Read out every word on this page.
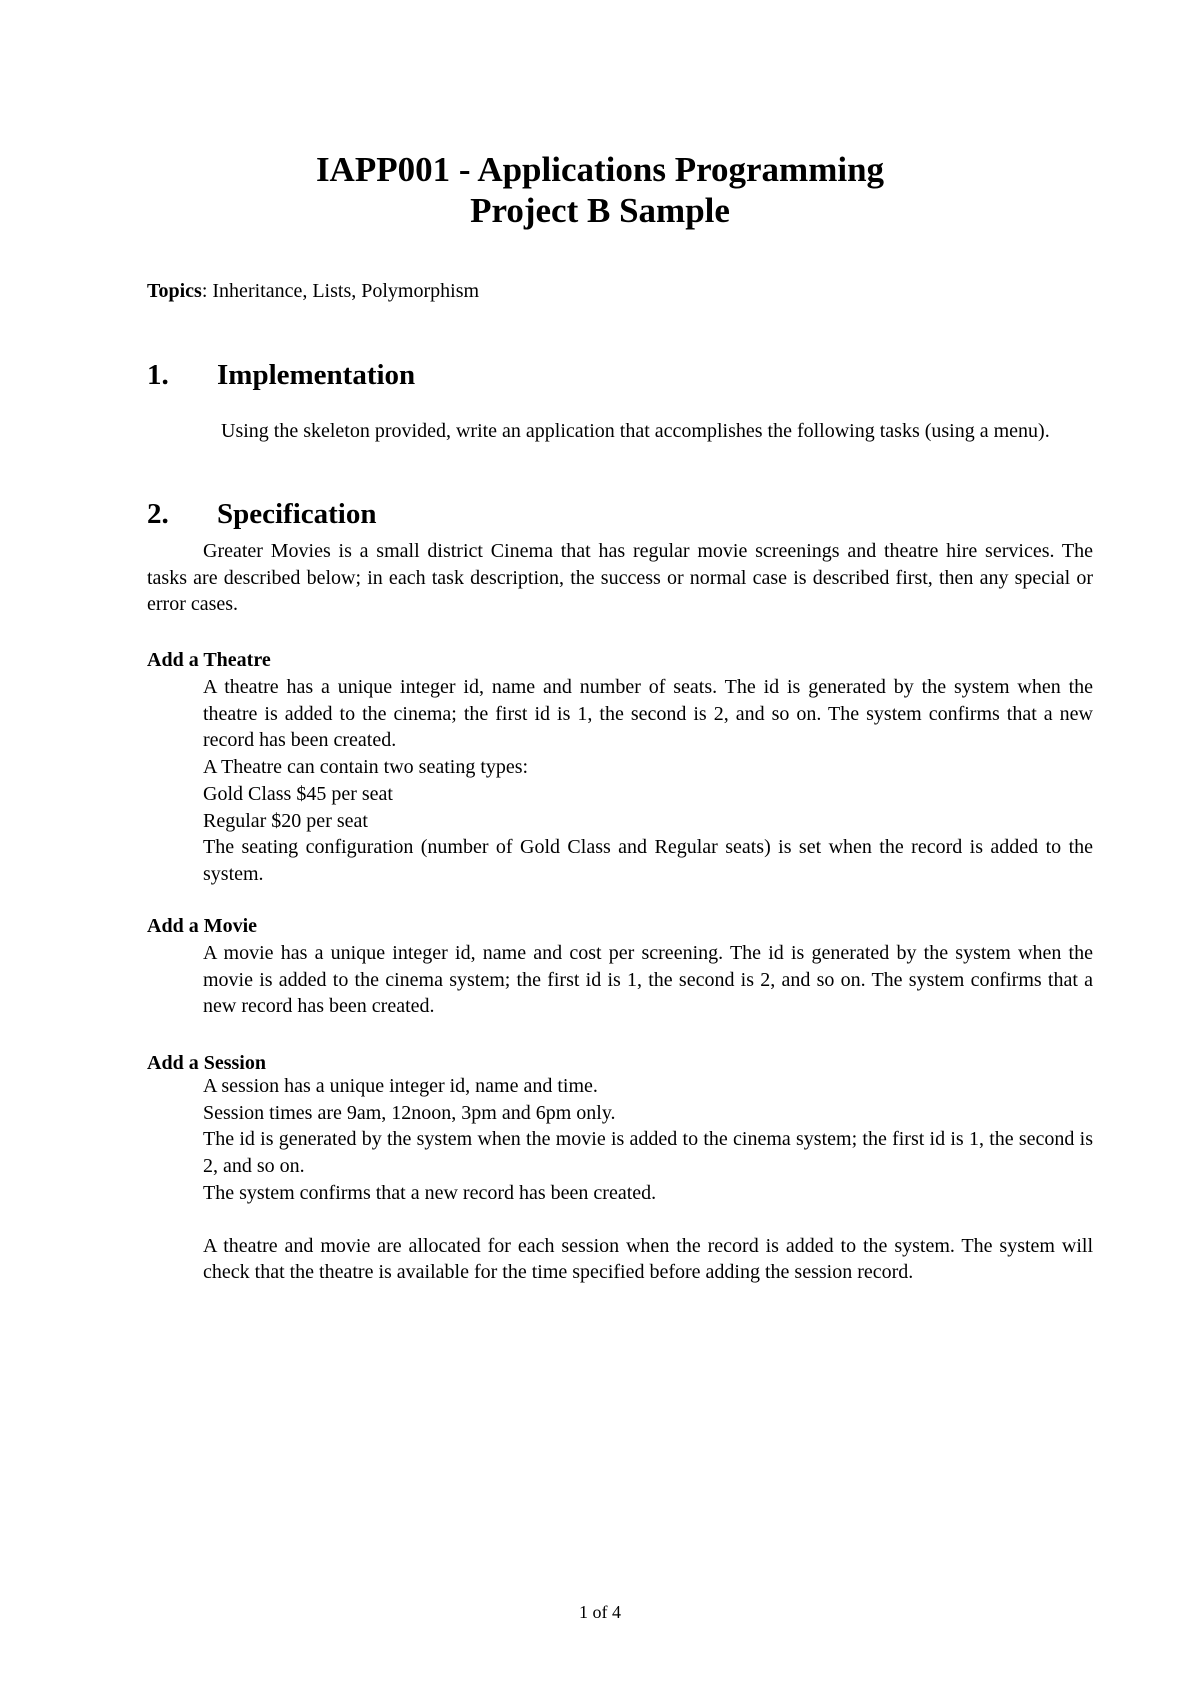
IAPP001 - Applications Programming
Project B Sample
Topics: Inheritance, Lists, Polymorphism
1. Implementation
Using the skeleton provided, write an application that accomplishes the following tasks (using a menu).
2. Specification
Greater Movies is a small district Cinema that has regular movie screenings and theatre hire services. The tasks are described below; in each task description, the success or normal case is described first, then any special or error cases.
Add a Theatre
A theatre has a unique integer id, name and number of seats. The id is generated by the system when the theatre is added to the cinema; the first id is 1, the second is 2, and so on. The system confirms that a new record has been created.
A Theatre can contain two seating types:
Gold Class $45 per seat
Regular $20 per seat
The seating configuration (number of Gold Class and Regular seats) is set when the record is added to the system.
Add a Movie
A movie has a unique integer id, name and cost per screening. The id is generated by the system when the movie is added to the cinema system; the first id is 1, the second is 2, and so on. The system confirms that a new record has been created.
Add a Session
A session has a unique integer id, name and time.
Session times are 9am, 12noon, 3pm and 6pm only.
The id is generated by the system when the movie is added to the cinema system; the first id is 1, the second is 2, and so on.
The system confirms that a new record has been created.
A theatre and movie are allocated for each session when the record is added to the system. The system will check that the theatre is available for the time specified before adding the session record.
1 of 4
